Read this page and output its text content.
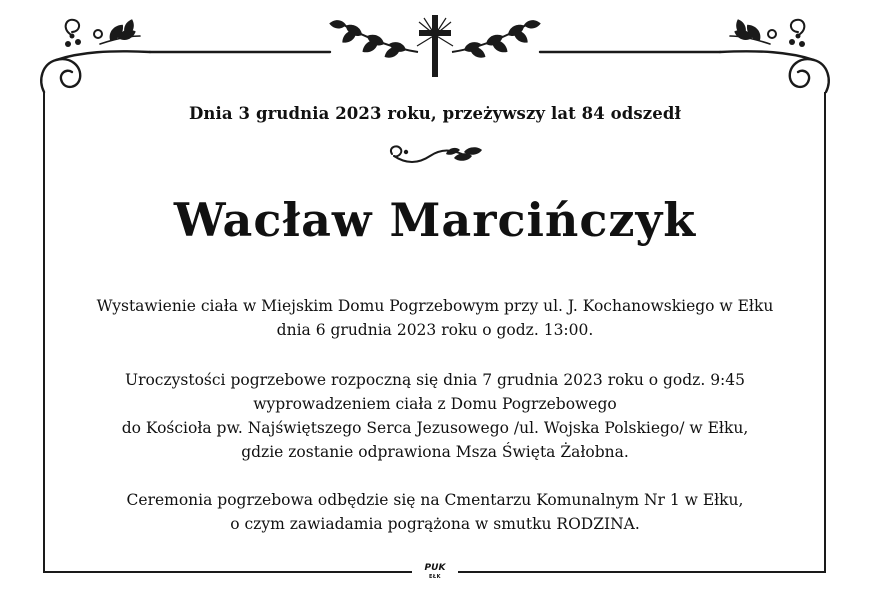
Dnia 3 grudnia 2023 roku, przeżywszy lat 84 odszedł
Wacław Marcińczyk
Wystawienie ciała w Miejskim Domu Pogrzebowym przy ul. J. Kochanowskiego w Ełku
dnia 6 grudnia 2023 roku o godz. 13:00.
Uroczystości pogrzebowe rozpoczną się dnia 7 grudnia 2023 roku o godz. 9:45
wyprowadzeniem ciała z Domu Pogrzebowego
do Kościoła pw. Najświętszego Serca Jezusowego /ul. Wojska Polskiego/ w Ełku,
gdzie zostanie odprawiona Msza Święta Żałobna.
Ceremonia pogrzebowa odbędzie się na Cmentarzu Komunalnym Nr 1 w Ełku,
o czym zawiadamia pogrążona w smutku RODZINA.
PUK
EŁK
